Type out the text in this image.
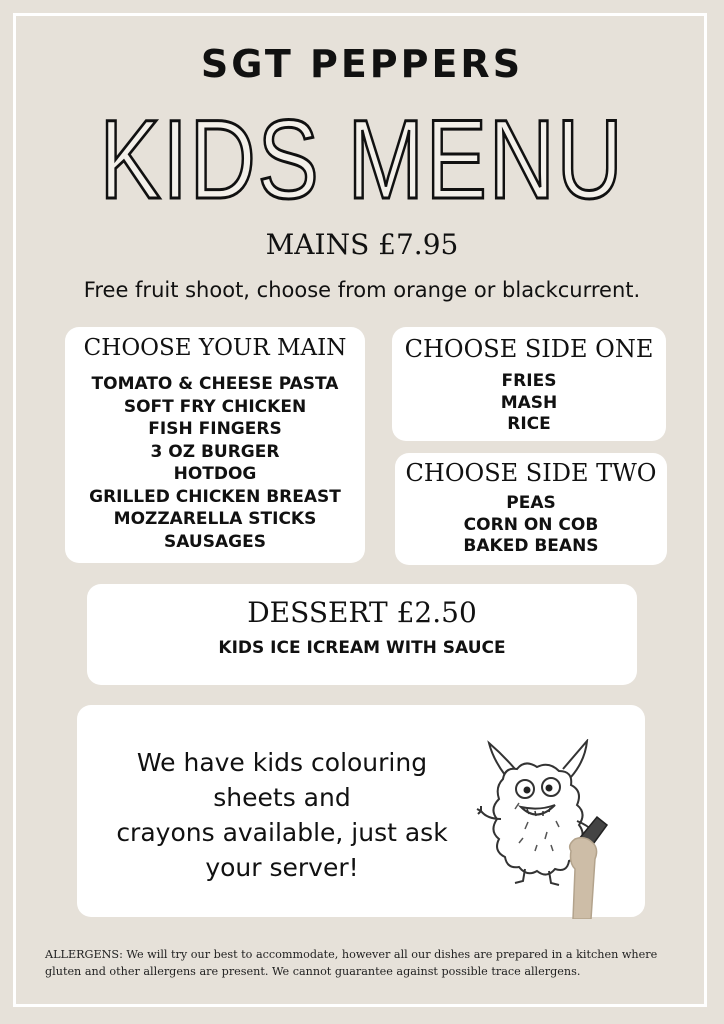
SGT PEPPERS
KIDS MENU
MAINS £7.95
Free fruit shoot, choose from orange or blackcurrent.
CHOOSE YOUR MAIN
TOMATO & CHEESE PASTA
SOFT FRY CHICKEN
FISH FINGERS
3 OZ BURGER
HOTDOG
GRILLED CHICKEN BREAST
MOZZARELLA STICKS
SAUSAGES
CHOOSE SIDE ONE
FRIES
MASH
RICE
CHOOSE SIDE TWO
PEAS
CORN ON COB
BAKED BEANS
DESSERT £2.50
KIDS ICE ICREAM WITH SAUCE
We have kids colouring
sheets and
crayons available, just ask
your server!
ALLERGENS: We will try our best to accommodate, however all our dishes are prepared in a kitchen where gluten and other allergens are present. We cannot guarantee against possible trace allergens.
